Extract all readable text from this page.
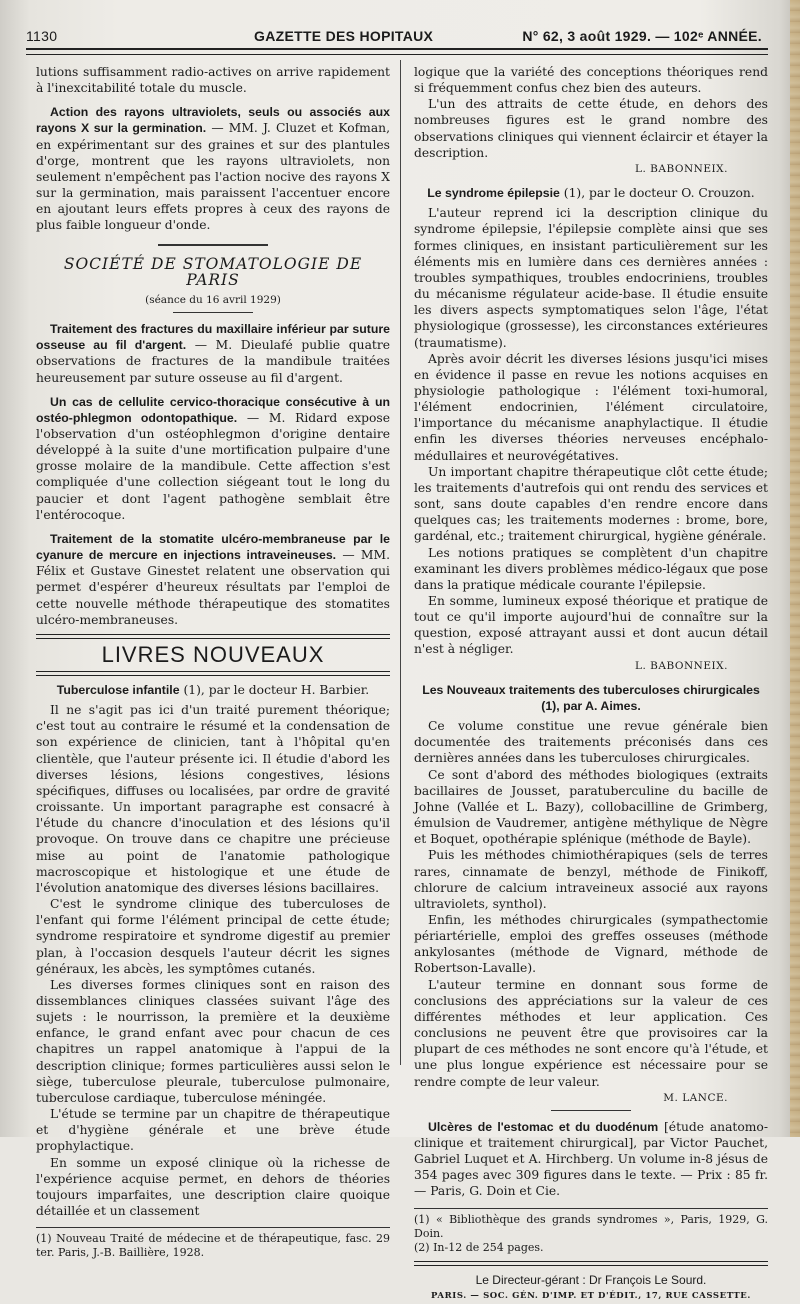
1130	GAZETTE DES HOPITAUX	N° 62, 3 août 1929. — 102ᵉ ANNÉE.

lutions suffisamment radio-actives on arrive rapidement à l'inexcitabilité totale du muscle.

Action des rayons ultraviolets, seuls ou associés aux rayons X sur la germination. — MM. J. Cluzet et Kofman, en expérimentant sur des graines et sur des plantules d'orge, montrent que les rayons ultraviolets, non seulement n'empêchent pas l'action nocive des rayons X sur la germination, mais paraissent l'accentuer encore en ajoutant leurs effets propres à ceux des rayons de plus faible longueur d'onde.

SOCIÉTÉ DE STOMATOLOGIE DE PARIS

(séance du 16 avril 1929)

Traitement des fractures du maxillaire inférieur par suture osseuse au fil d'argent. — M. Dieulafé publie quatre observations de fractures de la mandibule traitées heureusement par suture osseuse au fil d'argent.

Un cas de cellulite cervico-thoracique consécutive à un ostéo-phlegmon odontopathique. — M. Ridard expose l'observation d'un ostéophlegmon d'origine dentaire développé à la suite d'une mortification pulpaire d'une grosse molaire de la mandibule. Cette affection s'est compliquée d'une collection siégeant tout le long du paucier et dont l'agent pathogène semblait être l'entérocoque.

Traitement de la stomatite ulcéro-membraneuse par le cyanure de mercure en injections intraveineuses. — MM. Félix et Gustave Ginestet relatent une observation qui permet d'espérer d'heureux résultats par l'emploi de cette nouvelle méthode thérapeutique des stomatites ulcéro-membraneuses.

LIVRES NOUVEAUX

Tuberculose infantile (1), par le docteur H. Barbier.

Il ne s'agit pas ici d'un traité purement théorique; c'est tout au contraire le résumé et la condensation de son expérience de clinicien, tant à l'hôpital qu'en clientèle, que l'auteur présente ici. Il étudie d'abord les diverses lésions, lésions congestives, lésions spécifiques, diffuses ou localisées, par ordre de gravité croissante. Un important paragraphe est consacré à l'étude du chancre d'inoculation et des lésions qu'il provoque. On trouve dans ce chapitre une précieuse mise au point de l'anatomie pathologique macroscopique et histologique et une étude de l'évolution anatomique des diverses lésions bacillaires.

C'est le syndrome clinique des tuberculoses de l'enfant qui forme l'élément principal de cette étude; syndrome respiratoire et syndrome digestif au premier plan, à l'occasion desquels l'auteur décrit les signes généraux, les abcès, les symptômes cutanés.

Les diverses formes cliniques sont en raison des dissemblances cliniques classées suivant l'âge des sujets : le nourrisson, la première et la deuxième enfance, le grand enfant avec pour chacun de ces chapitres un rappel anatomique à l'appui de la description clinique; formes particulières aussi selon le siège, tuberculose pleurale, tuberculose pulmonaire, tuberculose cardiaque, tuberculose méningée.

L'étude se termine par un chapitre de thérapeutique et d'hygiène générale et une brève étude prophylactique.

En somme un exposé clinique où la richesse de l'expérience acquise permet, en dehors de théories toujours imparfaites, une description claire quoique détaillée et un classement

(1) Nouveau Traité de médecine et de thérapeutique, fasc. 29 ter. Paris, J.-B. Baillière, 1928.

logique que la variété des conceptions théoriques rend si fréquemment confus chez bien des auteurs.

L'un des attraits de cette étude, en dehors des nombreuses figures est le grand nombre des observations cliniques qui viennent éclaircir et étayer la description.

L. BABONNEIX.

Le syndrome épilepsie (1), par le docteur O. Crouzon.

L'auteur reprend ici la description clinique du syndrome épilepsie, l'épilepsie complète ainsi que ses formes cliniques, en insistant particulièrement sur les éléments mis en lumière dans ces dernières années : troubles sympathiques, troubles endocriniens, troubles du mécanisme régulateur acide-base. Il étudie ensuite les divers aspects symptomatiques selon l'âge, l'état physiologique (grossesse), les circonstances extérieures (traumatisme).

Après avoir décrit les diverses lésions jusqu'ici mises en évidence il passe en revue les notions acquises en physiologie pathologique : l'élément toxi-humoral, l'élément endocrinien, l'élément circulatoire, l'importance du mécanisme anaphylactique. Il étudie enfin les diverses théories nerveuses encéphalo-médullaires et neurovégétatives.

Un important chapitre thérapeutique clôt cette étude; les traitements d'autrefois qui ont rendu des services et sont, sans doute capables d'en rendre encore dans quelques cas; les traitements modernes : brome, bore, gardénal, etc.; traitement chirurgical, hygiène générale.

Les notions pratiques se complètent d'un chapitre examinant les divers problèmes médico-légaux que pose dans la pratique médicale courante l'épilepsie.

En somme, lumineux exposé théorique et pratique de tout ce qu'il importe aujourd'hui de connaître sur la question, exposé attrayant aussi et dont aucun détail n'est à négliger.

L. BABONNEIX.

Les Nouveaux traitements des tuberculoses chirurgicales (1), par A. Aimes.

Ce volume constitue une revue générale bien documentée des traitements préconisés dans ces dernières années dans les tuberculoses chirurgicales.

Ce sont d'abord des méthodes biologiques (extraits bacillaires de Jousset, paratuberculine du bacille de Johne (Vallée et L. Bazy), collobacilline de Grimberg, émulsion de Vaudremer, antigène méthylique de Nègre et Boquet, opothérapie splénique (méthode de Bayle).

Puis les méthodes chimiothérapiques (sels de terres rares, cinnamate de benzyl, méthode de Finikoff, chlorure de calcium intraveineux associé aux rayons ultraviolets, synthol).

Enfin, les méthodes chirurgicales (sympathectomie périartérielle, emploi des greffes osseuses (méthode ankylosantes (méthode de Vignard, méthode de Robertson-Lavalle).

L'auteur termine en donnant sous forme de conclusions des appréciations sur la valeur de ces différentes méthodes et leur application. Ces conclusions ne peuvent être que provisoires car la plupart de ces méthodes ne sont encore qu'à l'étude, et une plus longue expérience est nécessaire pour se rendre compte de leur valeur.

M. LANCE.

Ulcères de l'estomac et du duodénum [étude anatomo-clinique et traitement chirurgical], par Victor Pauchet, Gabriel Luquet et A. Hirchberg. Un volume in-8 jésus de 354 pages avec 309 figures dans le texte. — Prix : 85 fr. — Paris, G. Doin et Cie.

(1) « Bibliothèque des grands syndromes », Paris, 1929, G. Doin.

(2) In-12 de 254 pages.

Le Directeur-gérant : Dr François Le Sourd.

PARIS. — SOC. GÉN. D'IMP. ET D'ÉDIT., 17, RUE CASSETTE.
